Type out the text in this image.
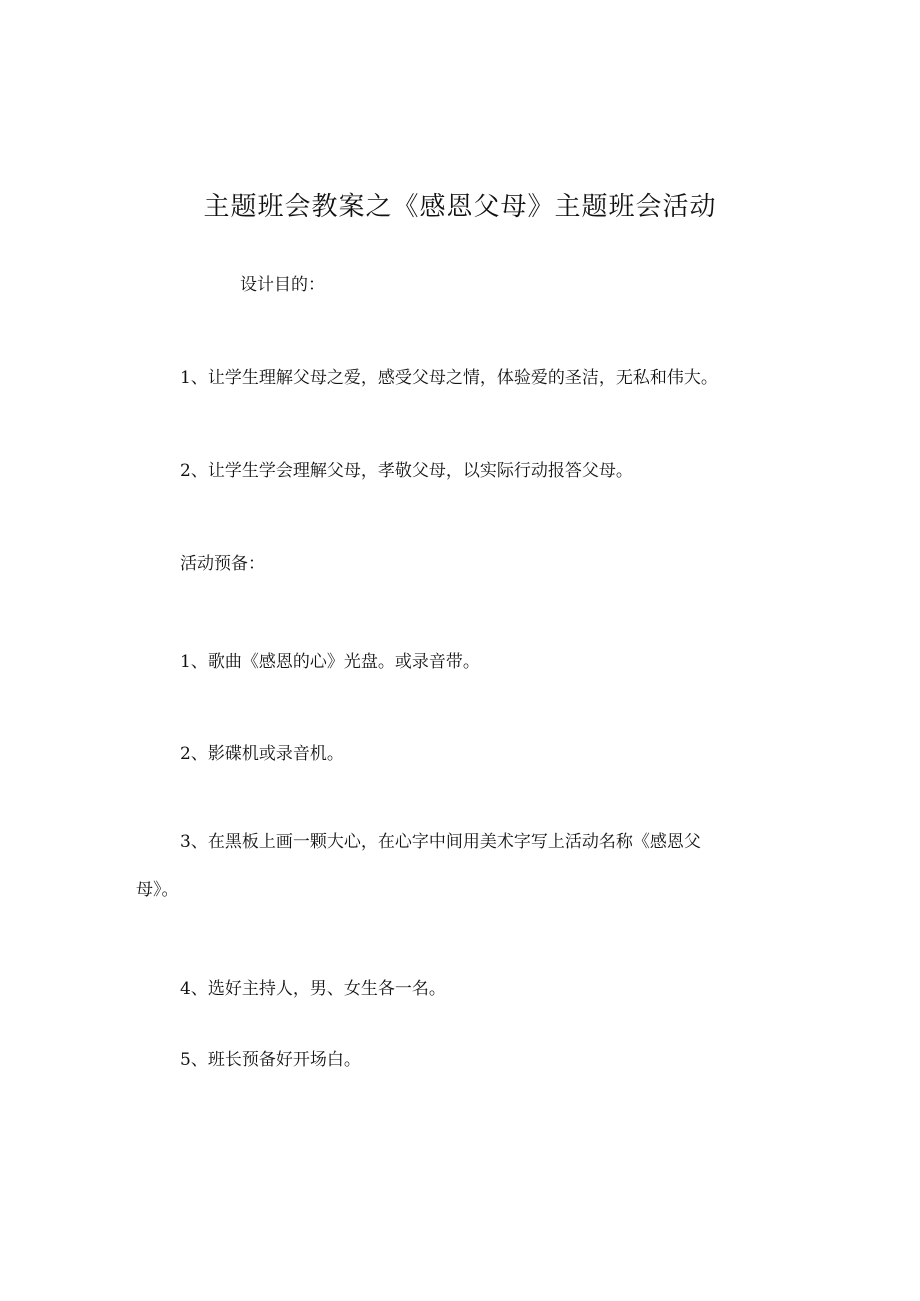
主题班会教案之《感恩父母》主题班会活动
设计目的：
1、让学生理解父母之爱，感受父母之情，体验爱的圣洁，无私和伟大。
2、让学生学会理解父母，孝敬父母，以实际行动报答父母。
活动预备：
1、歌曲《感恩的心》光盘。或录音带。
2、影碟机或录音机。
3、在黑板上画一颗大心，在心字中间用美术字写上活动名称《感恩父
母》。
4、选好主持人，男、女生各一名。
5、班长预备好开场白。
